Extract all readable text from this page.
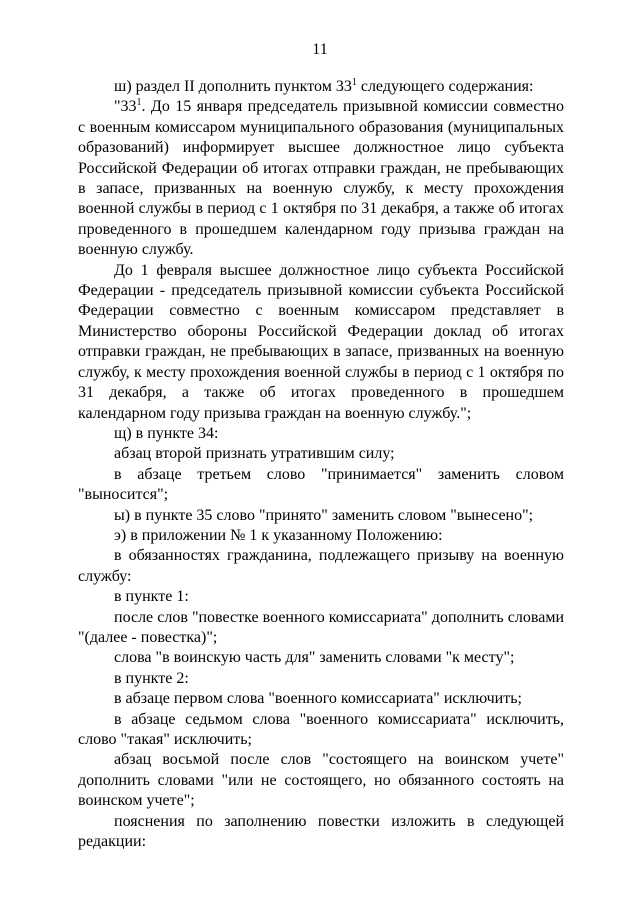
11

ш) раздел II дополнить пунктом $33^1$ следующего содержания:

"$33^1$. До 15 января председатель призывной комиссии совместно с военным комиссаром муниципального образования (муниципальных образований) информирует высшее должностное лицо субъекта Российской Федерации об итогах отправки граждан, не пребывающих в запасе, призванных на военную службу, к месту прохождения военной службы в период с 1 октября по 31 декабря, а также об итогах проведенного в прошедшем календарном году призыва граждан на военную службу.

До 1 февраля высшее должностное лицо субъекта Российской Федерации - председатель призывной комиссии субъекта Российской Федерации совместно с военным комиссаром представляет в Министерство обороны Российской Федерации доклад об итогах отправки граждан, не пребывающих в запасе, призванных на военную службу, к месту прохождения военной службы в период с 1 октября по 31 декабря, а также об итогах проведенного в прошедшем календарном году призыва граждан на военную службу.";

щ) в пункте 34:

абзац второй признать утратившим силу;

в абзаце третьем слово "принимается" заменить словом "выносится";

ы) в пункте 35 слово "принято" заменить словом "вынесено";

э) в приложении № 1 к указанному Положению:

в обязанностях гражданина, подлежащего призыву на военную службу:

в пункте 1:

после слов "повестке военного комиссариата" дополнить словами "(далее - повестка)";

слова "в воинскую часть для" заменить словами "к месту";

в пункте 2:

в абзаце первом слова "военного комиссариата" исключить;

в абзаце седьмом слова "военного комиссариата" исключить, слово "такая" исключить;

абзац восьмой после слов "состоящего на воинском учете" дополнить словами "или не состоящего, но обязанного состоять на воинском учете";

пояснения по заполнению повестки изложить в следующей редакции:
